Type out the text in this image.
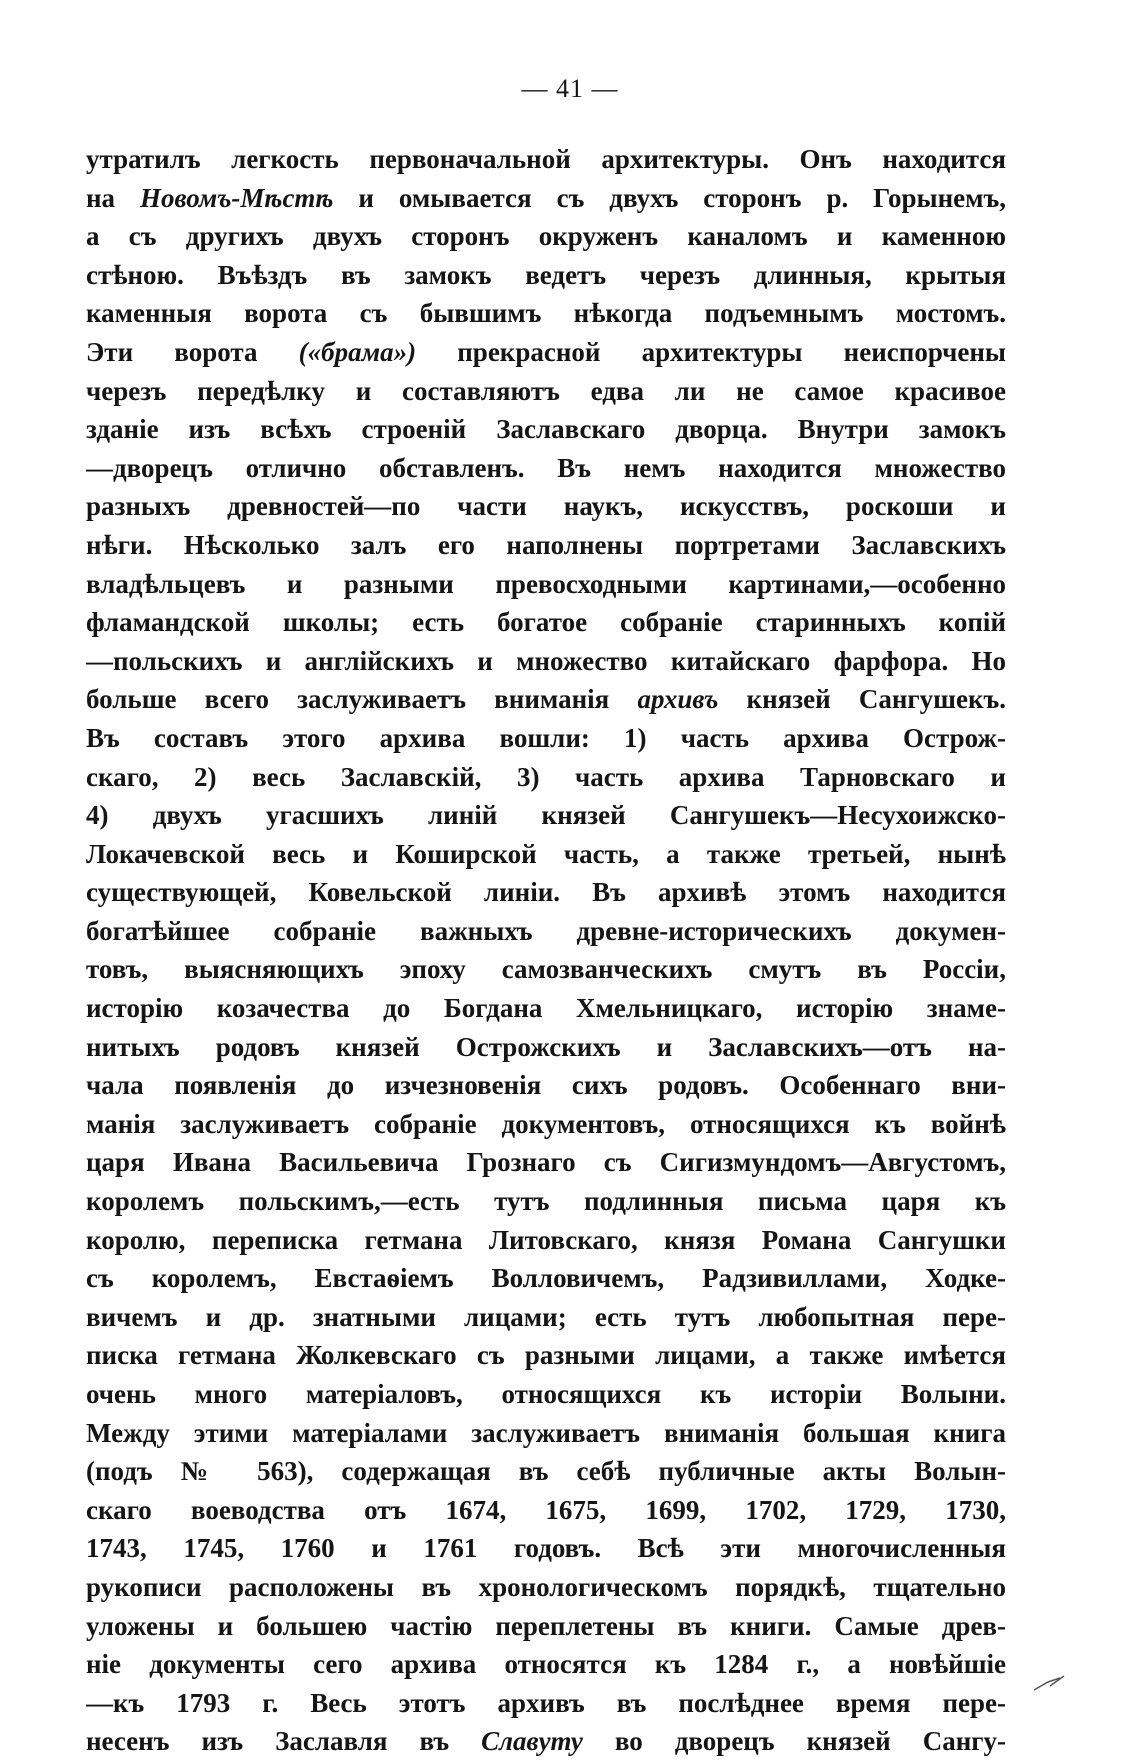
— 41 —
утратилъ легкость первоначальной архитектуры. Онъ находится
на Новомъ-Мѣстѣ и омывается съ двухъ сторонъ р. Горынемъ,
а съ другихъ двухъ сторонъ окруженъ каналомъ и каменною
стѣною. Въѣздъ въ замокъ ведетъ черезъ длинныя, крытыя
каменныя ворота съ бывшимъ нѣкогда подъемнымъ мостомъ.
Эти ворота («брама») прекрасной архитектуры неиспорчены
черезъ передѣлку и составляютъ едва ли не самое красивое
зданіе изъ всѣхъ строеній Заславскаго дворца. Внутри замокъ
—дворецъ отлично обставленъ. Въ немъ находится множество
разныхъ древностей—по части наукъ, искусствъ, роскоши и
нѣги. Нѣсколько залъ его наполнены портретами Заславскихъ
владѣльцевъ и разными превосходными картинами,—особенно
фламандской школы; есть богатое собраніе старинныхъ копій
—польскихъ и англійскихъ и множество китайскаго фарфора. Но
больше всего заслуживаетъ вниманія архивъ князей Сангушекъ.
Въ составъ этого архива вошли: 1) часть архива Острож-
скаго, 2) весь Заславскій, 3) часть архива Тарновскаго и
4) двухъ угасшихъ линій князей Сангушекъ—Несухоижско-
Локачевской весь и Коширской часть, а также третьей, нынѣ
существующей, Ковельской линіи. Въ архивѣ этомъ находится
богатѣйшее собраніе важныхъ древне-историческихъ докумен-
товъ, выясняющихъ эпоху самозванческихъ смутъ въ Россіи,
исторію козачества до Богдана Хмельницкаго, исторію знаме-
нитыхъ родовъ князей Острожскихъ и Заславскихъ—отъ на-
чала появленія до изчезновенія сихъ родовъ. Особеннаго вни-
манія заслуживаетъ собраніе документовъ, относящихся къ войнѣ
царя Ивана Васильевича Грознаго съ Сигизмундомъ—Августомъ,
королемъ польскимъ,—есть тутъ подлинныя письма царя къ
королю, переписка гетмана Литовскаго, князя Романа Сангушки
съ королемъ, Евстаѳіемъ Волловичемъ, Радзивиллами, Ходке-
вичемъ и др. знатными лицами; есть тутъ любопытная пере-
писка гетмана Жолкевскаго съ разными лицами, а также имѣется
очень много матеріаловъ, относящихся къ исторіи Волыни.
Между этими матеріалами заслуживаетъ вниманія большая книга
(подъ № 563), содержащая въ себѣ публичные акты Волын-
скаго воеводства отъ 1674, 1675, 1699, 1702, 1729, 1730,
1743, 1745, 1760 и 1761 годовъ. Всѣ эти многочисленныя
рукописи расположены въ хронологическомъ порядкѣ, тщательно
уложены и большею частію переплетены въ книги. Самые древ-
ніе документы сего архива относятся къ 1284 г., а новѣйшіе
—къ 1793 г. Весь этотъ архивъ въ послѣднее время пере-
несенъ изъ Заславля въ Славуту во дворецъ князей Сангу-
